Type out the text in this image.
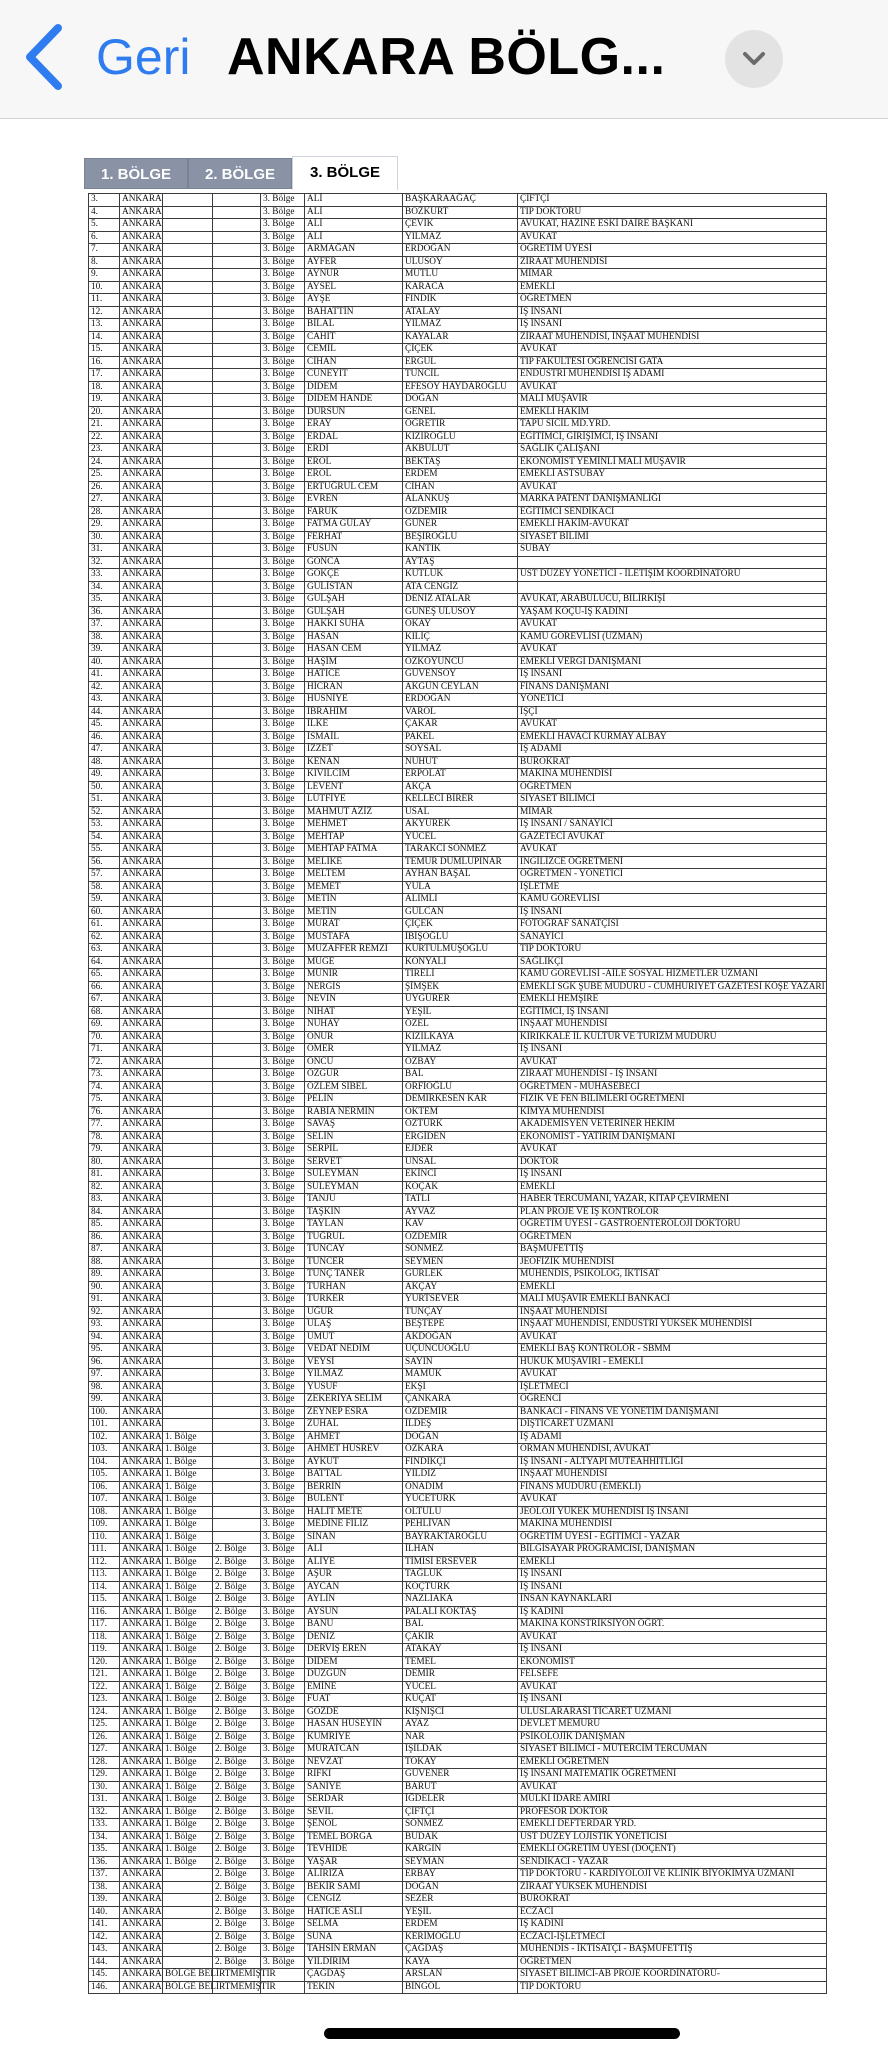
Geri ANKARA BÖLG...
1. BÖLGE	2. BÖLGE	3. BÖLGE
3.	ANKARA			3. Bölge	ALİ	BAŞKARAAĞAÇ	ÇİFTÇİ
4.	ANKARA			3. Bölge	ALİ	BOZKURT	TIP DOKTORU
5.	ANKARA			3. Bölge	ALİ	ÇEVİK	AVUKAT, HAZİNE ESKİ DAİRE BAŞKANI
6.	ANKARA			3. Bölge	ALİ	YILMAZ	AVUKAT
7.	ANKARA			3. Bölge	ARMAĞAN	ERDOĞAN	ÖĞRETİM ÜYESİ
8.	ANKARA			3. Bölge	AYFER	ULUSOY	ZİRAAT MÜHENDİSİ
9.	ANKARA			3. Bölge	AYNUR	MUTLU	MİMAR
10.	ANKARA			3. Bölge	AYSEL	KARACA	EMEKLİ
11.	ANKARA			3. Bölge	AYŞE	FINDIK	ÖĞRETMEN
12.	ANKARA			3. Bölge	BAHATTİN	ATALAY	İŞ İNSANI
13.	ANKARA			3. Bölge	BİLAL	YILMAZ	İŞ İNSANI
14.	ANKARA			3. Bölge	CAHİT	KAYALAR	ZİRAAT MÜHENDİSİ, İNŞAAT MÜHENDİSİ
15.	ANKARA			3. Bölge	CEMİL	ÇİÇEK	AVUKAT
16.	ANKARA			3. Bölge	CİHAN	ERGÜL	TIP FAKÜLTESİ ÖĞRENCİSİ GATA
17.	ANKARA			3. Bölge	CÜNEYİT	TUNCİL	ENDÜSTRİ MÜHENDİSİ İŞ ADAMI
18.	ANKARA			3. Bölge	DİDEM	EFESOY HAYDAROĞLU	AVUKAT
19.	ANKARA			3. Bölge	DİDEM HANDE	DOĞAN	MALİ MÜŞAVİR
20.	ANKARA			3. Bölge	DURSUN	GENEL	EMEKLİ HAKİM
21.	ANKARA			3. Bölge	ERAY	ÖĞRETİR	TAPU SİCİL MD.YRD.
22.	ANKARA			3. Bölge	ERDAL	KIZIROĞLU	EĞİTİMCİ, GİRİŞİMCİ, İŞ İNSANI
23.	ANKARA			3. Bölge	ERDİ	AKBULUT	SAĞLIK ÇALIŞANI
24.	ANKARA			3. Bölge	EROL	BEKTAŞ	EKONOMİST YEMİNLİ MALİ MÜŞAVİR
25.	ANKARA			3. Bölge	EROL	ERDEM	EMEKLİ ASTSUBAY
26.	ANKARA			3. Bölge	ERTUĞRUL CEM	CİHAN	AVUKAT
27.	ANKARA			3. Bölge	EVREN	ALANKUŞ	MARKA PATENT DANIŞMANLIĞI
28.	ANKARA			3. Bölge	FARUK	ÖZDEMİR	EĞİTİMCİ SENDİKACI
29.	ANKARA			3. Bölge	FATMA GÜLAY	GÜNER	EMEKLİ HAKİM-AVUKAT
30.	ANKARA			3. Bölge	FERHAT	BEŞİROĞLU	SİYASET BİLİMİ
31.	ANKARA			3. Bölge	FÜSUN	KANTİK	SUBAY
32.	ANKARA			3. Bölge	GONCA	AYTAŞ	
33.	ANKARA			3. Bölge	GÖKÇE	KUTLUK	ÜST DÜZEY YÖNETİCİ - İLETİŞİM KOORDİNATÖRÜ
34.	ANKARA			3. Bölge	GÜLİSTAN	ATA CENGİZ	
35.	ANKARA			3. Bölge	GÜLŞAH	DENİZ ATALAR	AVUKAT, ARABULUCU, BİLİRKİŞİ
36.	ANKARA			3. Bölge	GÜLŞAH	GÜNEŞ ULUSOY	YAŞAM KOÇU-İŞ KADINI
37.	ANKARA			3. Bölge	HAKKI SUHA	OKAY	AVUKAT
38.	ANKARA			3. Bölge	HASAN	KILIÇ	KAMU GÖREVLİSİ (UZMAN)
39.	ANKARA			3. Bölge	HASAN CEM	YILMAZ	AVUKAT
40.	ANKARA			3. Bölge	HAŞİM	ÖZKOYUNCU	EMEKLİ VERGİ DANIŞMANI
41.	ANKARA			3. Bölge	HATİCE	GÜVENSOY	İŞ İNSANI
42.	ANKARA			3. Bölge	HİCRAN	AKGÜN CEYLAN	FİNANS DANIŞMANI
43.	ANKARA			3. Bölge	HÜSNİYE	ERDOĞAN	YÖNETİCİ
44.	ANKARA			3. Bölge	İBRAHİM	VAROL	İŞÇİ
45.	ANKARA			3. Bölge	İLKE	ÇAKAR	AVUKAT
46.	ANKARA			3. Bölge	İSMAİL	PAKEL	EMEKLİ HAVACI KURMAY ALBAY
47.	ANKARA			3. Bölge	İZZET	SOYSAL	İŞ ADAMI
48.	ANKARA			3. Bölge	KENAN	NUHUT	BÜROKRAT
49.	ANKARA			3. Bölge	KIVILCIM	ERPOLAT	MAKİNA MÜHENDİSİ
50.	ANKARA			3. Bölge	LEVENT	AKÇA	ÖĞRETMEN
51.	ANKARA			3. Bölge	LÜTFİYE	KELLECİ BİRER	SİYASET BİLİMCİ
52.	ANKARA			3. Bölge	MAHMUT AZİZ	USAL	MİMAR
53.	ANKARA			3. Bölge	MEHMET	AKYÜREK	İŞ İNSANI / SANAYİCİ
54.	ANKARA			3. Bölge	MEHTAP	YÜCEL	GAZETECİ AVUKAT
55.	ANKARA			3. Bölge	MEHTAP FATMA	TARAKCI SÖNMEZ	AVUKAT
56.	ANKARA			3. Bölge	MELİKE	TEMUR DUMLUPINAR	İNGİLİZCE ÖĞRETMENİ
57.	ANKARA			3. Bölge	MELTEM	AYHAN BAŞAL	ÖĞRETMEN - YÖNETİCİ
58.	ANKARA			3. Bölge	MEMET	YULA	İŞLETME
59.	ANKARA			3. Bölge	METİN	ALIMLI	KAMU GÖREVLİSİ
60.	ANKARA			3. Bölge	METİN	GÜLCAN	İŞ İNSANI
61.	ANKARA			3. Bölge	MURAT	ÇİÇEK	FOTOĞRAF SANATÇISI
62.	ANKARA			3. Bölge	MUSTAFA	İBİŞOĞLU	SANAYİCİ
63.	ANKARA			3. Bölge	MUZAFFER REMZİ	KURTULMUŞOĞLU	TIP DOKTORU
64.	ANKARA			3. Bölge	MÜGE	KONYALI	SAĞLIKÇI
65.	ANKARA			3. Bölge	MÜNİR	TİRELİ	KAMU GÖREVLİSİ -AİLE SOSYAL HİZMETLER UZMANI
66.	ANKARA			3. Bölge	NERGİS	ŞİMŞEK	EMEKLİ SGK ŞUBE MÜDÜRÜ - CUMHURİYET GAZETESİ KÖŞE YAZARI
67.	ANKARA			3. Bölge	NEVİN	UYGURER	EMEKLİ HEMŞİRE
68.	ANKARA			3. Bölge	NİHAT	YEŞİL	EĞİTİMCİ, İŞ İNSANI
69.	ANKARA			3. Bölge	NUHAY	ÖZEL	İNŞAAT MÜHENDİSİ
70.	ANKARA			3. Bölge	ONUR	KIZILKAYA	KIRIKKALE İL KÜLTÜR VE TURİZM MÜDÜRÜ
71.	ANKARA			3. Bölge	ÖMER	YILMAZ	İŞ İNSANI
72.	ANKARA			3. Bölge	ÖNCÜ	ÖZBAY	AVUKAT
73.	ANKARA			3. Bölge	ÖZGÜR	BAL	ZİRAAT MÜHENDİSİ - İŞ İNSANI
74.	ANKARA			3. Bölge	ÖZLEM SİBEL	ÖRFİOĞLU	ÖĞRETMEN - MUHASEBECİ
75.	ANKARA			3. Bölge	PELİN	DEMİRKESEN KAR	FİZİK VE FEN BİLİMLERİ ÖĞRETMENİ
76.	ANKARA			3. Bölge	RABİA NERMİN	ÖKTEM	KİMYA MÜHENDİSİ
77.	ANKARA			3. Bölge	SAVAŞ	ÖZTÜRK	AKADEMİSYEN VETERİNER HEKİM
78.	ANKARA			3. Bölge	SELİN	ERGİDEN	EKONOMİST - YATIRIM DANIŞMANI
79.	ANKARA			3. Bölge	SERPİL	EJDER	AVUKAT
80.	ANKARA			3. Bölge	SERVET	ÜNSAL	DOKTOR
81.	ANKARA			3. Bölge	SÜLEYMAN	EKİNCİ	İŞ İNSANI
82.	ANKARA			3. Bölge	SÜLEYMAN	KOÇAK	EMEKLİ
83.	ANKARA			3. Bölge	TANJU	TATLI	HABER TERCÜMANI, YAZAR, KİTAP ÇEVİRMENİ
84.	ANKARA			3. Bölge	TAŞKIN	AYVAZ	PLAN PROJE VE İŞ KONTROLÖR
85.	ANKARA			3. Bölge	TAYLAN	KAV	ÖĞRETİM ÜYESİ - GASTROENTEROLOJİ DOKTORU
86.	ANKARA			3. Bölge	TUĞRUL	ÖZDEMİR	ÖĞRETMEN
87.	ANKARA			3. Bölge	TUNCAY	SÖNMEZ	BAŞMÜFETTİŞ
88.	ANKARA			3. Bölge	TUNCER	SEYMEN	JEOFİZİK MÜHENDİSİ
89.	ANKARA			3. Bölge	TUNÇ TANER	GÜRLEK	MÜHENDİS, PSİKOLOG, İKTİSAT
90.	ANKARA			3. Bölge	TURHAN	AKÇAY	EMEKLİ
91.	ANKARA			3. Bölge	TÜRKER	YURTSEVER	MALİ MÜŞAVİR EMEKLİ BANKACI
92.	ANKARA			3. Bölge	UĞUR	TUNÇAY	İNŞAAT MÜHENDİSİ
93.	ANKARA			3. Bölge	ULAŞ	BEŞTEPE	İNŞAAT MÜHENDİSİ, ENDÜSTRİ YÜKSEK MÜHENDİSİ
94.	ANKARA			3. Bölge	UMUT	AKDOĞAN	AVUKAT
95.	ANKARA			3. Bölge	VEDAT NEDİM	ÜÇÜNCÜOĞLU	EMEKLİ BAŞ KONTROLÖR - SBMM
96.	ANKARA			3. Bölge	VEYSİ	SAYIN	HUKUK MÜŞAVİRİ - EMEKLİ
97.	ANKARA			3. Bölge	YILMAZ	MAMÜK	AVUKAT
98.	ANKARA			3. Bölge	YUSUF	EKŞİ	İŞLETMECİ
99.	ANKARA			3. Bölge	ZEKERİYA SELİM	ÇANKARA	ÖĞRENCİ
100.	ANKARA			3. Bölge	ZEYNEP ESRA	ÖZDEMİR	BANKACI - FİNANS VE YÖNETİM DANIŞMANI
101.	ANKARA			3. Bölge	ZÜHAL	İLDEŞ	DIŞTİCARET UZMANI
102.	ANKARA	1. Bölge		3. Bölge	AHMET	DOĞAN	İŞ ADAMI
103.	ANKARA	1. Bölge		3. Bölge	AHMET HÜSREV	ÖZKARA	ORMAN MÜHENDİSİ, AVUKAT
104.	ANKARA	1. Bölge		3. Bölge	AYKUT	FINDIKÇI	İŞ İNSANI - ALTYAPI MÜTEAHHİTLİĞİ
105.	ANKARA	1. Bölge		3. Bölge	BATTAL	YILDIZ	İNŞAAT MÜHENDİSİ
106.	ANKARA	1. Bölge		3. Bölge	BERRİN	ÖNADIM	FİNANS MÜDÜRÜ (EMEKLİ)
107.	ANKARA	1. Bölge		3. Bölge	BÜLENT	YÜCETÜRK	AVUKAT
108.	ANKARA	1. Bölge		3. Bölge	HALİT METE	OLTULU	JEOLOJİ YÜKEK MÜHENDİSİ İŞ İNSANI
109.	ANKARA	1. Bölge		3. Bölge	MEDİNE FİLİZ	PEHLİVAN	MAKİNA MÜHENDİSİ
110.	ANKARA	1. Bölge		3. Bölge	SİNAN	BAYRAKTAROĞLU	ÖĞRETİM ÜYESİ - EĞİTİMCİ - YAZAR
111.	ANKARA	1. Bölge	2. Bölge	3. Bölge	ALİ	İLHAN	BİLGİSAYAR PROGRAMCISI, DANIŞMAN
112.	ANKARA	1. Bölge	2. Bölge	3. Bölge	ALİYE	TİMİSİ ERSEVER	EMEKLİ
113.	ANKARA	1. Bölge	2. Bölge	3. Bölge	AŞUR	TAĞLUK	İŞ İNSANI
114.	ANKARA	1. Bölge	2. Bölge	3. Bölge	AYCAN	KOÇTÜRK	İŞ İNSANI
115.	ANKARA	1. Bölge	2. Bölge	3. Bölge	AYLİN	NAZLIAKA	İNSAN KAYNAKLARI
116.	ANKARA	1. Bölge	2. Bölge	3. Bölge	AYSUN	PALALI KÖKTAŞ	İŞ KADINI
117.	ANKARA	1. Bölge	2. Bölge	3. Bölge	BANU	BAL	MAKİNA KONSTRİKSİYON ÖĞRT.
118.	ANKARA	1. Bölge	2. Bölge	3. Bölge	DENİZ	ÇAKIR	AVUKAT
119.	ANKARA	1. Bölge	2. Bölge	3. Bölge	DERVİŞ EREN	ATAKAY	İŞ İNSANI
120.	ANKARA	1. Bölge	2. Bölge	3. Bölge	DİDEM	TEMEL	EKONOMİST
121.	ANKARA	1. Bölge	2. Bölge	3. Bölge	DÜZGÜN	DEMİR	FELSEFE
122.	ANKARA	1. Bölge	2. Bölge	3. Bölge	EMİNE	YÜCEL	AVUKAT
123.	ANKARA	1. Bölge	2. Bölge	3. Bölge	FUAT	KUÇAT	İŞ İNSANI
124.	ANKARA	1. Bölge	2. Bölge	3. Bölge	GÖZDE	KİŞNİŞCİ	ULUSLARARASI TİCARET UZMANI
125.	ANKARA	1. Bölge	2. Bölge	3. Bölge	HASAN HÜSEYİN	AYAZ	DEVLET MEMURU
126.	ANKARA	1. Bölge	2. Bölge	3. Bölge	KUMRİYE	NAR	PSİKOLOJİK DANIŞMAN
127.	ANKARA	1. Bölge	2. Bölge	3. Bölge	MURATCAN	IŞILDAK	SİYASET BİLİMCİ - MÜTERCİM TERCÜMAN
128.	ANKARA	1. Bölge	2. Bölge	3. Bölge	NEVZAT	TOKAY	EMEKLİ ÖĞRETMEN
129.	ANKARA	1. Bölge	2. Bölge	3. Bölge	RIFKI	GÜVENER	İŞ İNSANI MATEMATİK ÖĞRETMENİ
130.	ANKARA	1. Bölge	2. Bölge	3. Bölge	SANİYE	BARUT	AVUKAT
131.	ANKARA	1. Bölge	2. Bölge	3. Bölge	SERDAR	İĞDELER	MÜLKİ İDARE AMİRİ
132.	ANKARA	1. Bölge	2. Bölge	3. Bölge	SEVİL	ÇİFTÇİ	PROFESÖR DOKTOR
133.	ANKARA	1. Bölge	2. Bölge	3. Bölge	ŞENOL	SÖNMEZ	EMEKLİ DEFTERDAR YRD.
134.	ANKARA	1. Bölge	2. Bölge	3. Bölge	TEMEL BORGA	BUDAK	ÜST DÜZEY LOJİSTİK YÖNETİCİSİ
135.	ANKARA	1. Bölge	2. Bölge	3. Bölge	TEVHİDE	KARGIN	EMEKLİ ÖĞRETİM ÜYESİ (DOÇENT)
136.	ANKARA	1. Bölge	2. Bölge	3. Bölge	YAŞAR	SEYMAN	SENDİKACI - YAZAR
137.	ANKARA		2. Bölge	3. Bölge	ALİRIZA	ERBAY	TIP DOKTORU - KARDİYOLOJİ VE KLİNİK BİYOKİMYA UZMANI
138.	ANKARA		2. Bölge	3. Bölge	BEKİR SAMİ	DOĞAN	ZİRAAT YÜKSEK MÜHENDİSİ
139.	ANKARA		2. Bölge	3. Bölge	CENGİZ	SEZER	BÜROKRAT
140.	ANKARA		2. Bölge	3. Bölge	HATİCE ASLI	YEŞİL	ECZACI
141.	ANKARA		2. Bölge	3. Bölge	SELMA	ERDEM	İŞ KADINI
142.	ANKARA		2. Bölge	3. Bölge	SUNA	KERİMOĞLU	ECZACI-İŞLETMECİ
143.	ANKARA		2. Bölge	3. Bölge	TAHSİN ERMAN	ÇAĞDAŞ	MÜHENDİS - İKTİSATÇI - BAŞMÜFETTİŞ
144.	ANKARA		2. Bölge	3. Bölge	YILDIRIM	KAYA	ÖĞRETMEN
145.	ANKARA	BÖLGE BELİRTMEMİŞTİR			ÇAĞDAŞ	ARSLAN	SİYASET BİLİMCİ-AB PROJE KOORDİNATÖRÜ-
146.	ANKARA	BÖLGE BELİRTMEMİŞTİR			TEKİN	BİNGÖL	TIP DOKTORU
